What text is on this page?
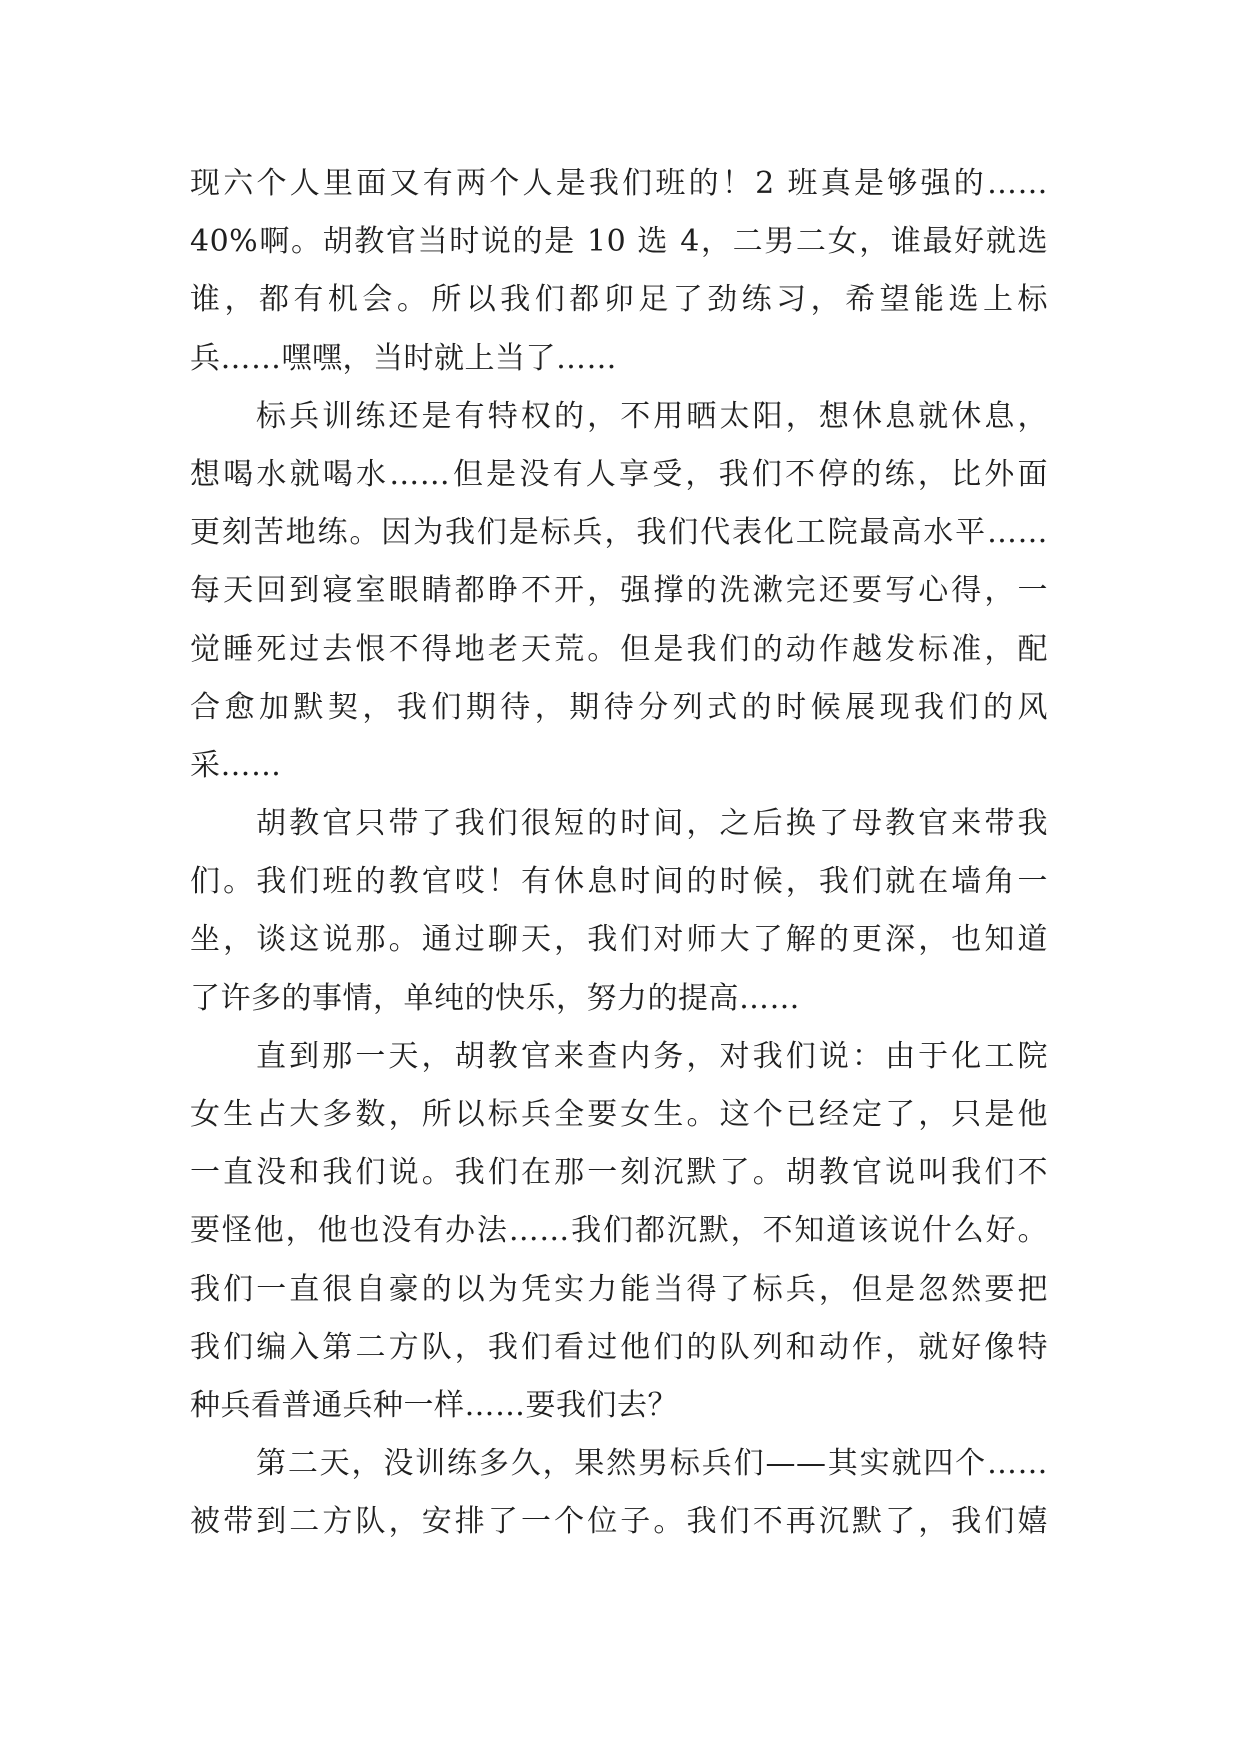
现六个人里面又有两个人是我们班的！2 班真是够强的……
40%啊。胡教官当时说的是 10 选 4，二男二女，谁最好就选
谁，都有机会。所以我们都卯足了劲练习，希望能选上标
兵……嘿嘿，当时就上当了……
标兵训练还是有特权的，不用晒太阳，想休息就休息，
想喝水就喝水……但是没有人享受，我们不停的练，比外面
更刻苦地练。因为我们是标兵，我们代表化工院最高水平……
每天回到寝室眼睛都睁不开，强撑的洗漱完还要写心得，一
觉睡死过去恨不得地老天荒。但是我们的动作越发标准，配
合愈加默契，我们期待，期待分列式的时候展现我们的风
采……
胡教官只带了我们很短的时间，之后换了母教官来带我
们。我们班的教官哎！有休息时间的时候，我们就在墙角一
坐，谈这说那。通过聊天，我们对师大了解的更深，也知道
了许多的事情，单纯的快乐，努力的提高……
直到那一天，胡教官来查内务，对我们说：由于化工院
女生占大多数，所以标兵全要女生。这个已经定了，只是他
一直没和我们说。我们在那一刻沉默了。胡教官说叫我们不
要怪他，他也没有办法……我们都沉默，不知道该说什么好。
我们一直很自豪的以为凭实力能当得了标兵，但是忽然要把
我们编入第二方队，我们看过他们的队列和动作，就好像特
种兵看普通兵种一样……要我们去？
第二天，没训练多久，果然男标兵们——其实就四个……
被带到二方队，安排了一个位子。我们不再沉默了，我们嬉
